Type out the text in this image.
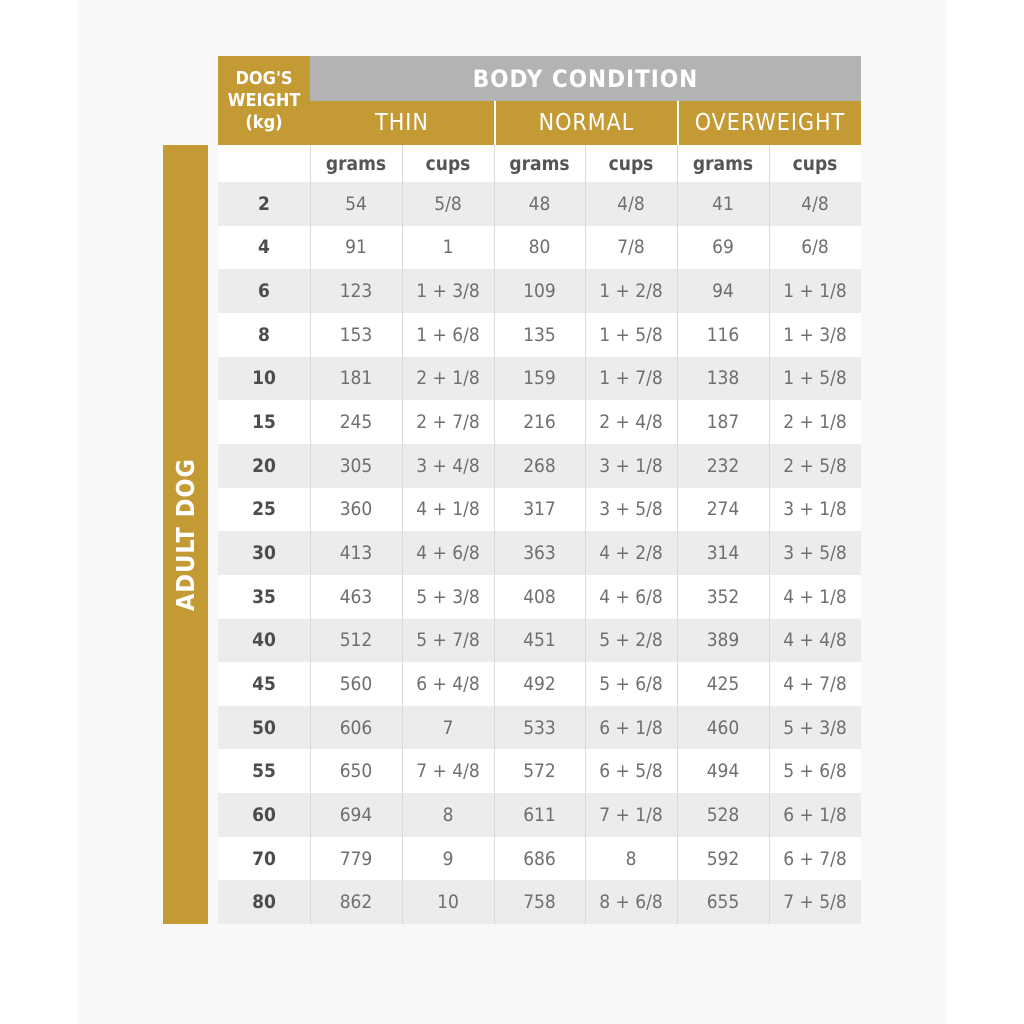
DOG'S
WEIGHT
(kg)
BODY CONDITION
THIN	NORMAL	OVERWEIGHT
ADULT DOG
grams	cups	grams	cups	grams	cups
2	54	5/8	48	4/8	41	4/8
4	91	1	80	7/8	69	6/8
6	123	1 + 3/8	109	1 + 2/8	94	1 + 1/8
8	153	1 + 6/8	135	1 + 5/8	116	1 + 3/8
10	181	2 + 1/8	159	1 + 7/8	138	1 + 5/8
15	245	2 + 7/8	216	2 + 4/8	187	2 + 1/8
20	305	3 + 4/8	268	3 + 1/8	232	2 + 5/8
25	360	4 + 1/8	317	3 + 5/8	274	3 + 1/8
30	413	4 + 6/8	363	4 + 2/8	314	3 + 5/8
35	463	5 + 3/8	408	4 + 6/8	352	4 + 1/8
40	512	5 + 7/8	451	5 + 2/8	389	4 + 4/8
45	560	6 + 4/8	492	5 + 6/8	425	4 + 7/8
50	606	7	533	6 + 1/8	460	5 + 3/8
55	650	7 + 4/8	572	6 + 5/8	494	5 + 6/8
60	694	8	611	7 + 1/8	528	6 + 1/8
70	779	9	686	8	592	6 + 7/8
80	862	10	758	8 + 6/8	655	7 + 5/8
